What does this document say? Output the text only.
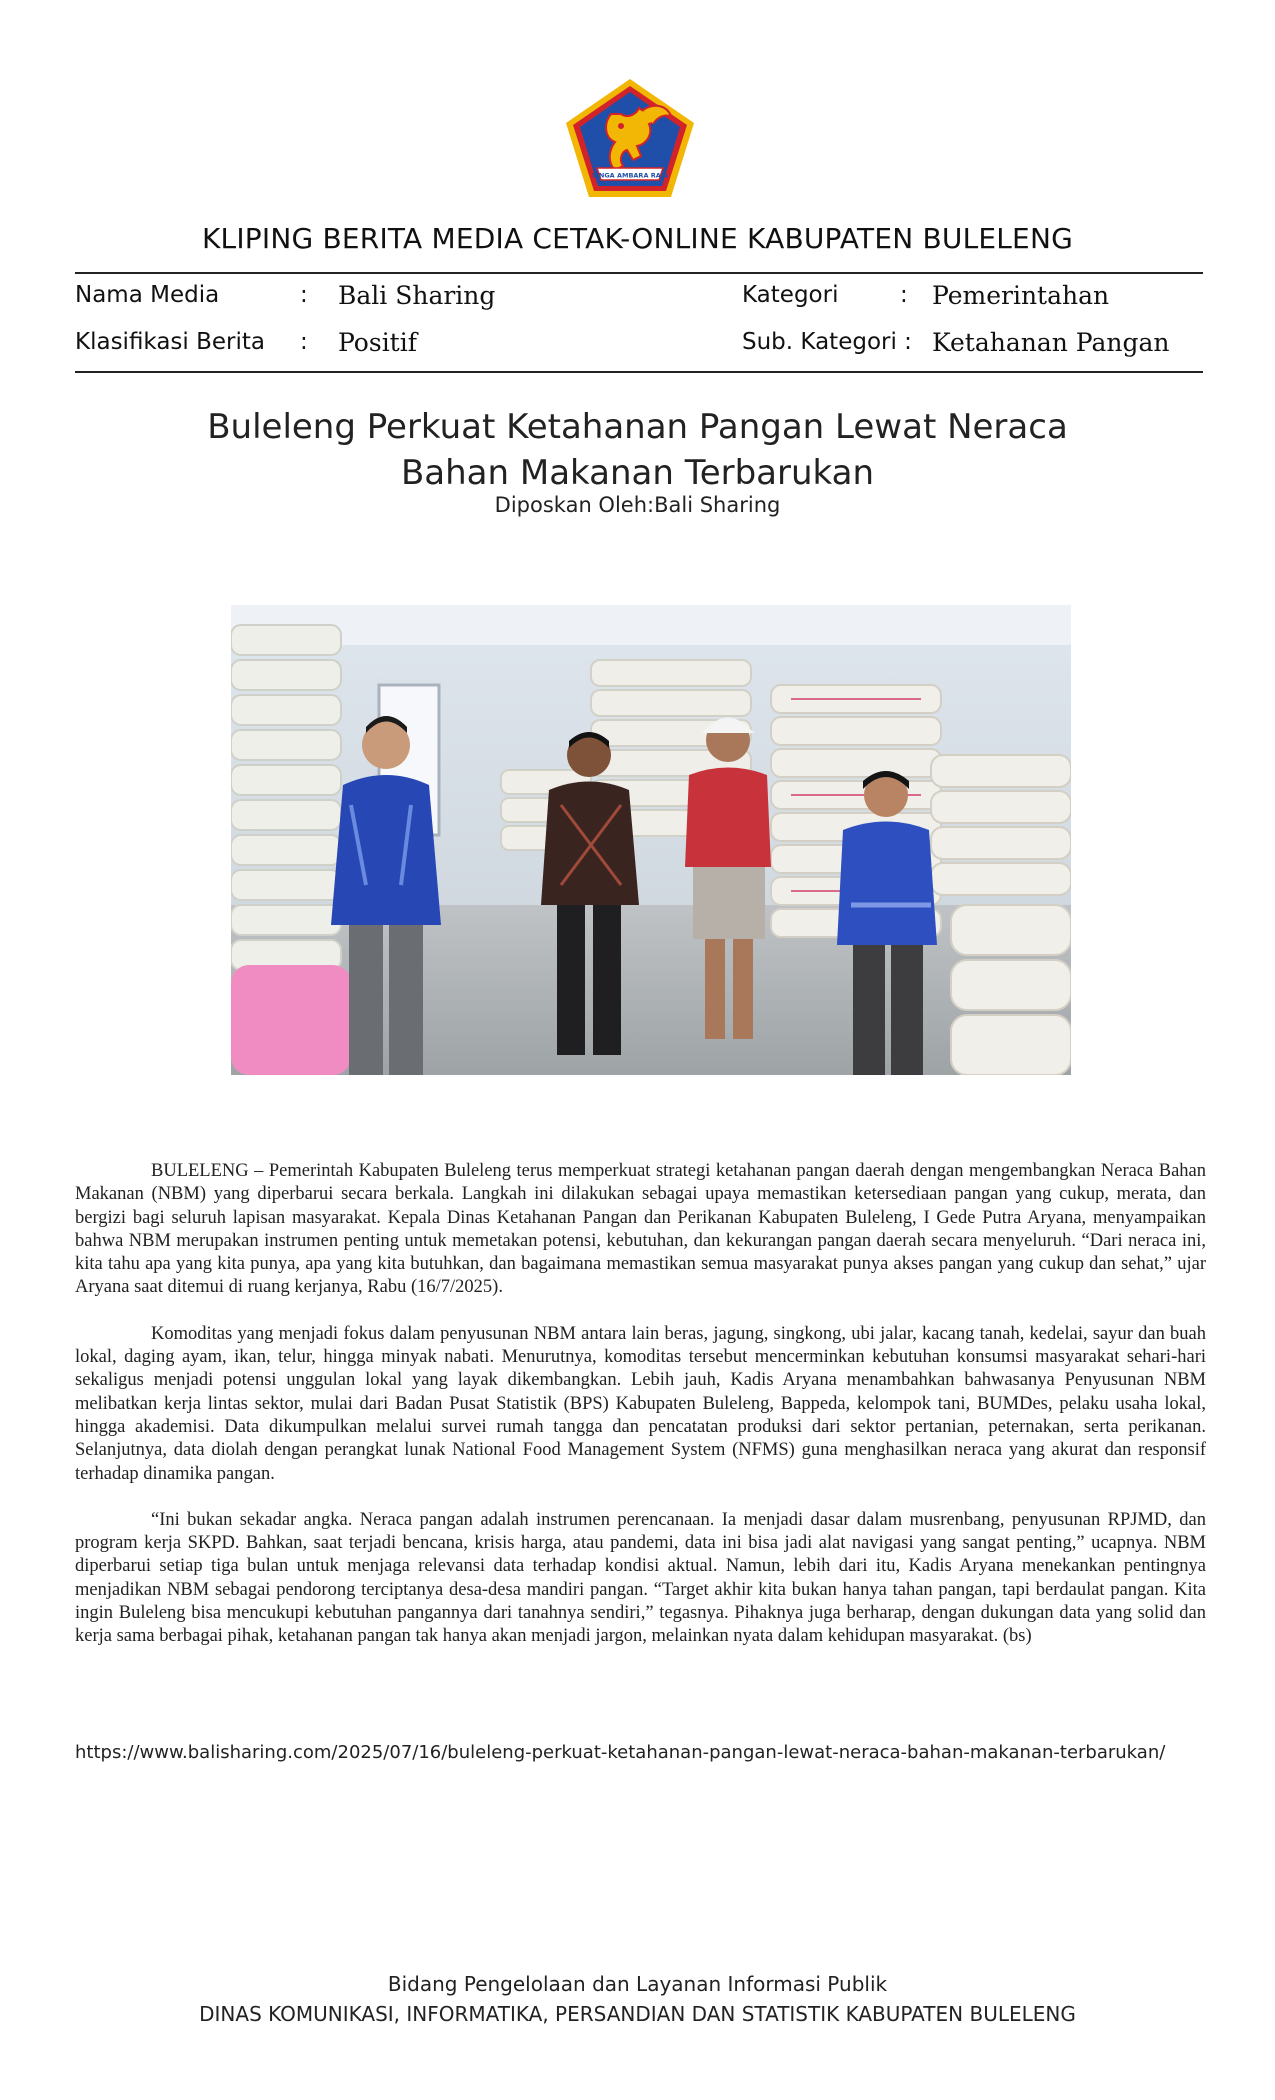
SINGA AMBARA RAJA
KLIPING BERITA MEDIA CETAK-ONLINE KABUPATEN BULELENG
Nama Media	: Bali Sharing	Kategori	: Pemerintahan
Klasifikasi Berita : Positif	Sub. Kategori : Ketahanan Pangan
Buleleng Perkuat Ketahanan Pangan Lewat Neraca
Bahan Makanan Terbarukan
Diposkan Oleh:Bali Sharing

BULELENG – Pemerintah Kabupaten Buleleng terus memperkuat strategi ketahanan pangan daerah dengan mengembangkan Neraca Bahan Makanan (NBM) yang diperbarui secara berkala. Langkah ini dilakukan sebagai upaya memastikan ketersediaan pangan yang cukup, merata, dan bergizi bagi seluruh lapisan masyarakat. Kepala Dinas Ketahanan Pangan dan Perikanan Kabupaten Buleleng, I Gede Putra Aryana, menyampaikan bahwa NBM merupakan instrumen penting untuk memetakan potensi, kebutuhan, dan kekurangan pangan daerah secara menyeluruh. “Dari neraca ini, kita tahu apa yang kita punya, apa yang kita butuhkan, dan bagaimana memastikan semua masyarakat punya akses pangan yang cukup dan sehat,” ujar Aryana saat ditemui di ruang kerjanya, Rabu (16/7/2025).

Komoditas yang menjadi fokus dalam penyusunan NBM antara lain beras, jagung, singkong, ubi jalar, kacang tanah, kedelai, sayur dan buah lokal, daging ayam, ikan, telur, hingga minyak nabati. Menurutnya, komoditas tersebut mencerminkan kebutuhan konsumsi masyarakat sehari-hari sekaligus menjadi potensi unggulan lokal yang layak dikembangkan. Lebih jauh, Kadis Aryana menambahkan bahwasanya Penyusunan NBM melibatkan kerja lintas sektor, mulai dari Badan Pusat Statistik (BPS) Kabupaten Buleleng, Bappeda, kelompok tani, BUMDes, pelaku usaha lokal, hingga akademisi. Data dikumpulkan melalui survei rumah tangga dan pencatatan produksi dari sektor pertanian, peternakan, serta perikanan. Selanjutnya, data diolah dengan perangkat lunak National Food Management System (NFMS) guna menghasilkan neraca yang akurat dan responsif terhadap dinamika pangan.

“Ini bukan sekadar angka. Neraca pangan adalah instrumen perencanaan. Ia menjadi dasar dalam musrenbang, penyusunan RPJMD, dan program kerja SKPD. Bahkan, saat terjadi bencana, krisis harga, atau pandemi, data ini bisa jadi alat navigasi yang sangat penting,” ucapnya. NBM diperbarui setiap tiga bulan untuk menjaga relevansi data terhadap kondisi aktual. Namun, lebih dari itu, Kadis Aryana menekankan pentingnya menjadikan NBM sebagai pendorong terciptanya desa-desa mandiri pangan. “Target akhir kita bukan hanya tahan pangan, tapi berdaulat pangan. Kita ingin Buleleng bisa mencukupi kebutuhan pangannya dari tanahnya sendiri,” tegasnya. Pihaknya juga berharap, dengan dukungan data yang solid dan kerja sama berbagai pihak, ketahanan pangan tak hanya akan menjadi jargon, melainkan nyata dalam kehidupan masyarakat. (bs)

https://www.balisharing.com/2025/07/16/buleleng-perkuat-ketahanan-pangan-lewat-neraca-bahan-makanan-terbarukan/
Bidang Pengelolaan dan Layanan Informasi Publik
DINAS KOMUNIKASI, INFORMATIKA, PERSANDIAN DAN STATISTIK KABUPATEN BULELENG
